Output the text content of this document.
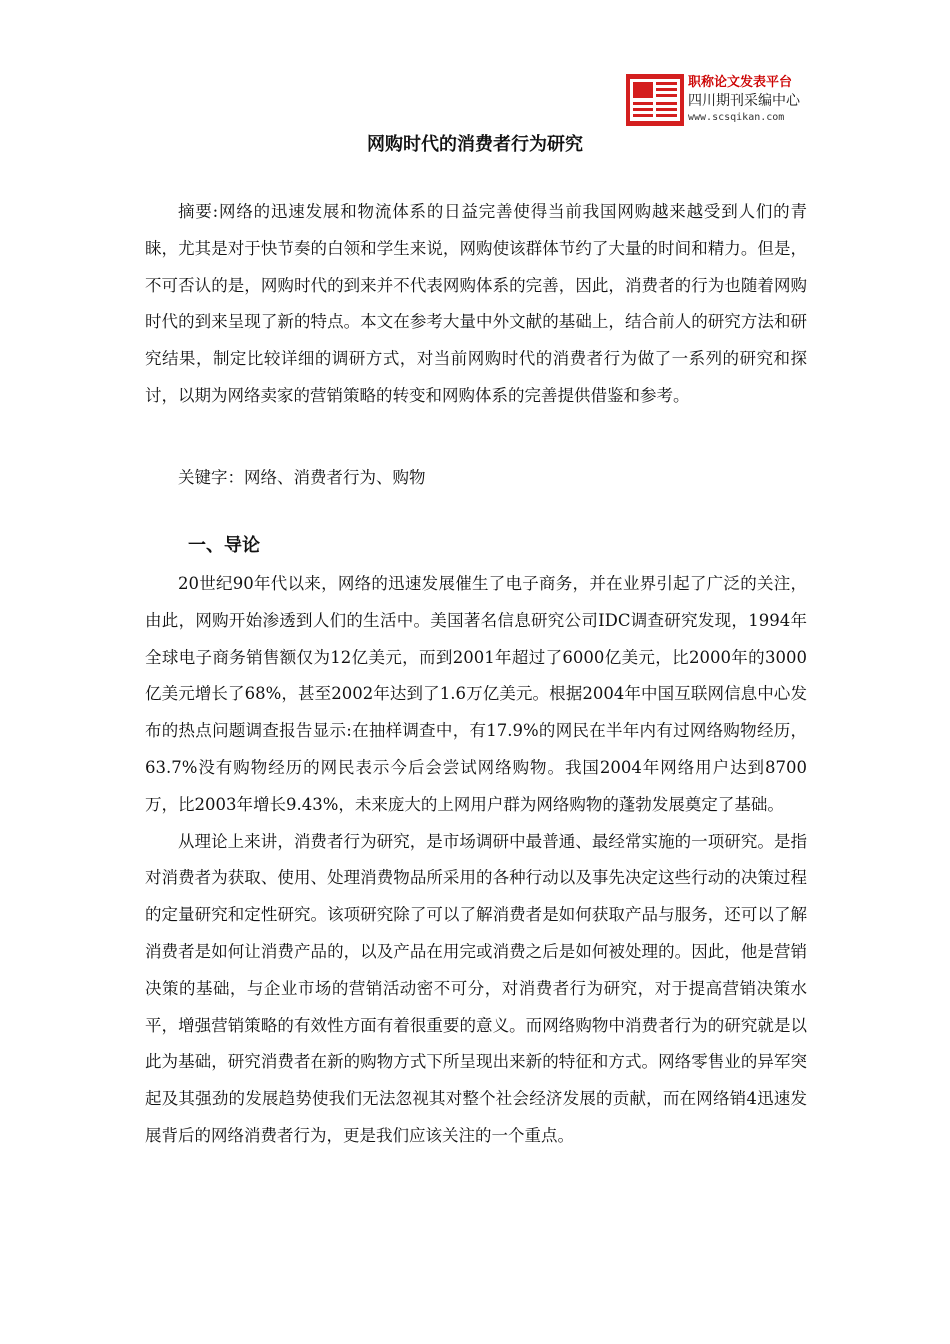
职称论文发表平台
四川期刊采编中心
www.scsqikan.com
网购时代的消费者行为研究

摘要:网络的迅速发展和物流体系的日益完善使得当前我国网购越来越受到人们的青睐，尤其是对于快节奏的白领和学生来说，网购使该群体节约了大量的时间和精力。但是，不可否认的是，网购时代的到来并不代表网购体系的完善，因此，消费者的行为也随着网购时代的到来呈现了新的特点。本文在参考大量中外文献的基础上，结合前人的研究方法和研究结果，制定比较详细的调研方式，对当前网购时代的消费者行为做了一系列的研究和探讨，以期为网络卖家的营销策略的转变和网购体系的完善提供借鉴和参考。

关键字：网络、消费者行为、购物

一、导论

20世纪90年代以来，网络的迅速发展催生了电子商务，并在业界引起了广泛的关注，由此，网购开始渗透到人们的生活中。美国著名信息研究公司IDC调查研究发现，1994年全球电子商务销售额仅为12亿美元，而到2001年超过了6000亿美元，比2000年的3000亿美元增长了68%，甚至2002年达到了1.6万亿美元。根据2004年中国互联网信息中心发布的热点问题调查报告显示:在抽样调查中，有17.9%的网民在半年内有过网络购物经历，63.7%没有购物经历的网民表示今后会尝试网络购物。我国2004年网络用户达到8700万，比2003年增长9.43%，未来庞大的上网用户群为网络购物的蓬勃发展奠定了基础。

从理论上来讲，消费者行为研究，是市场调研中最普通、最经常实施的一项研究。是指对消费者为获取、使用、处理消费物品所采用的各种行动以及事先决定这些行动的决策过程的定量研究和定性研究。该项研究除了可以了解消费者是如何获取产品与服务，还可以了解消费者是如何让消费产品的，以及产品在用完或消费之后是如何被处理的。因此，他是营销决策的基础，与企业市场的营销活动密不可分，对消费者行为研究，对于提高营销决策水平，增强营销策略的有效性方面有着很重要的意义。而网络购物中消费者行为的研究就是以此为基础，研究消费者在新的购物方式下所呈现出来新的特征和方式。网络零售业的异军突起及其强劲的发展趋势使我们无法忽视其对整个社会经济发展的贡献，而在网络销4迅速发展背后的网络消费者行为，更是我们应该关注的一个重点。
